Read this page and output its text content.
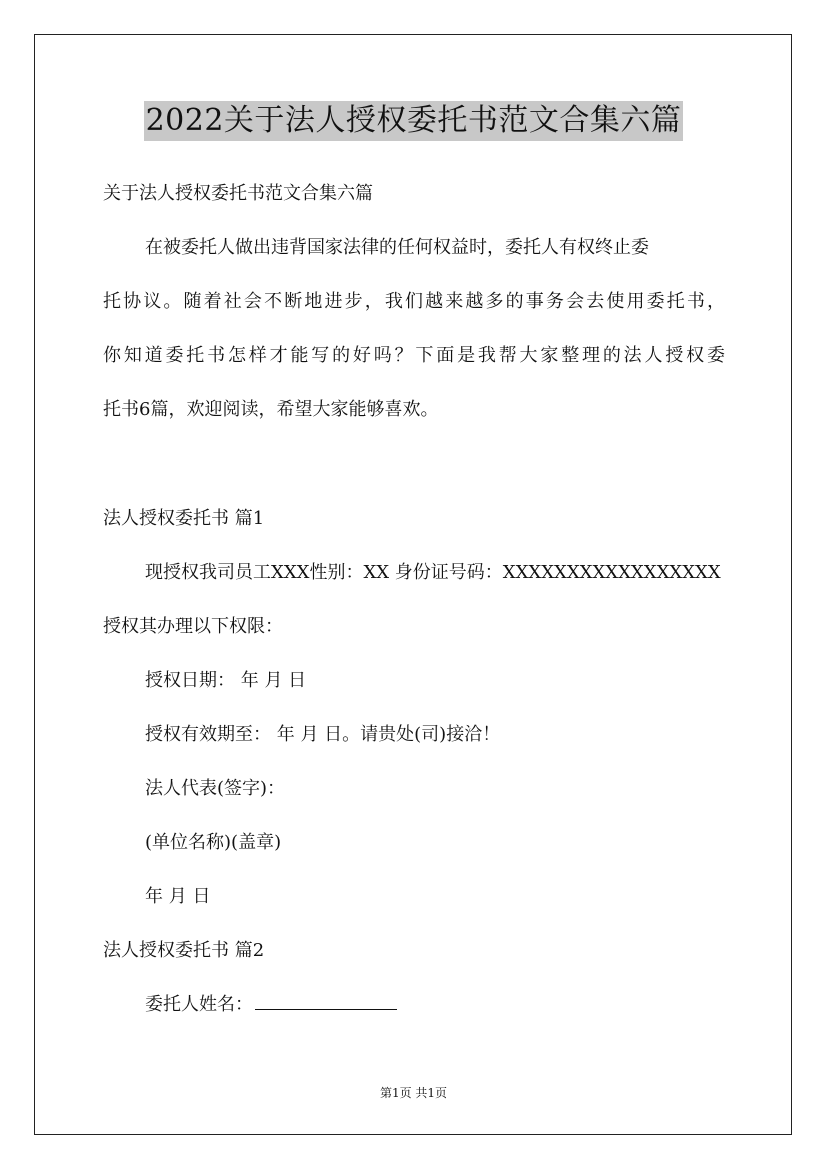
2022关于法人授权委托书范文合集六篇
关于法人授权委托书范文合集六篇
在被委托人做出违背国家法律的任何权益时，委托人有权终止委
托协议。随着社会不断地进步，我们越来越多的事务会去使用委托书，
你知道委托书怎样才能写的好吗？下面是我帮大家整理的法人授权委
托书6篇，欢迎阅读，希望大家能够喜欢。
法人授权委托书 篇1
现授权我司员工XXX性别：XX 身份证号码：XXXXXXXXXXXXXXXXX
授权其办理以下权限：
授权日期： 年 月 日
授权有效期至： 年 月 日。请贵处(司)接洽！
法人代表(签字)：
(单位名称)(盖章)
年 月 日
法人授权委托书 篇2
委托人姓名：
第1页 共1页
